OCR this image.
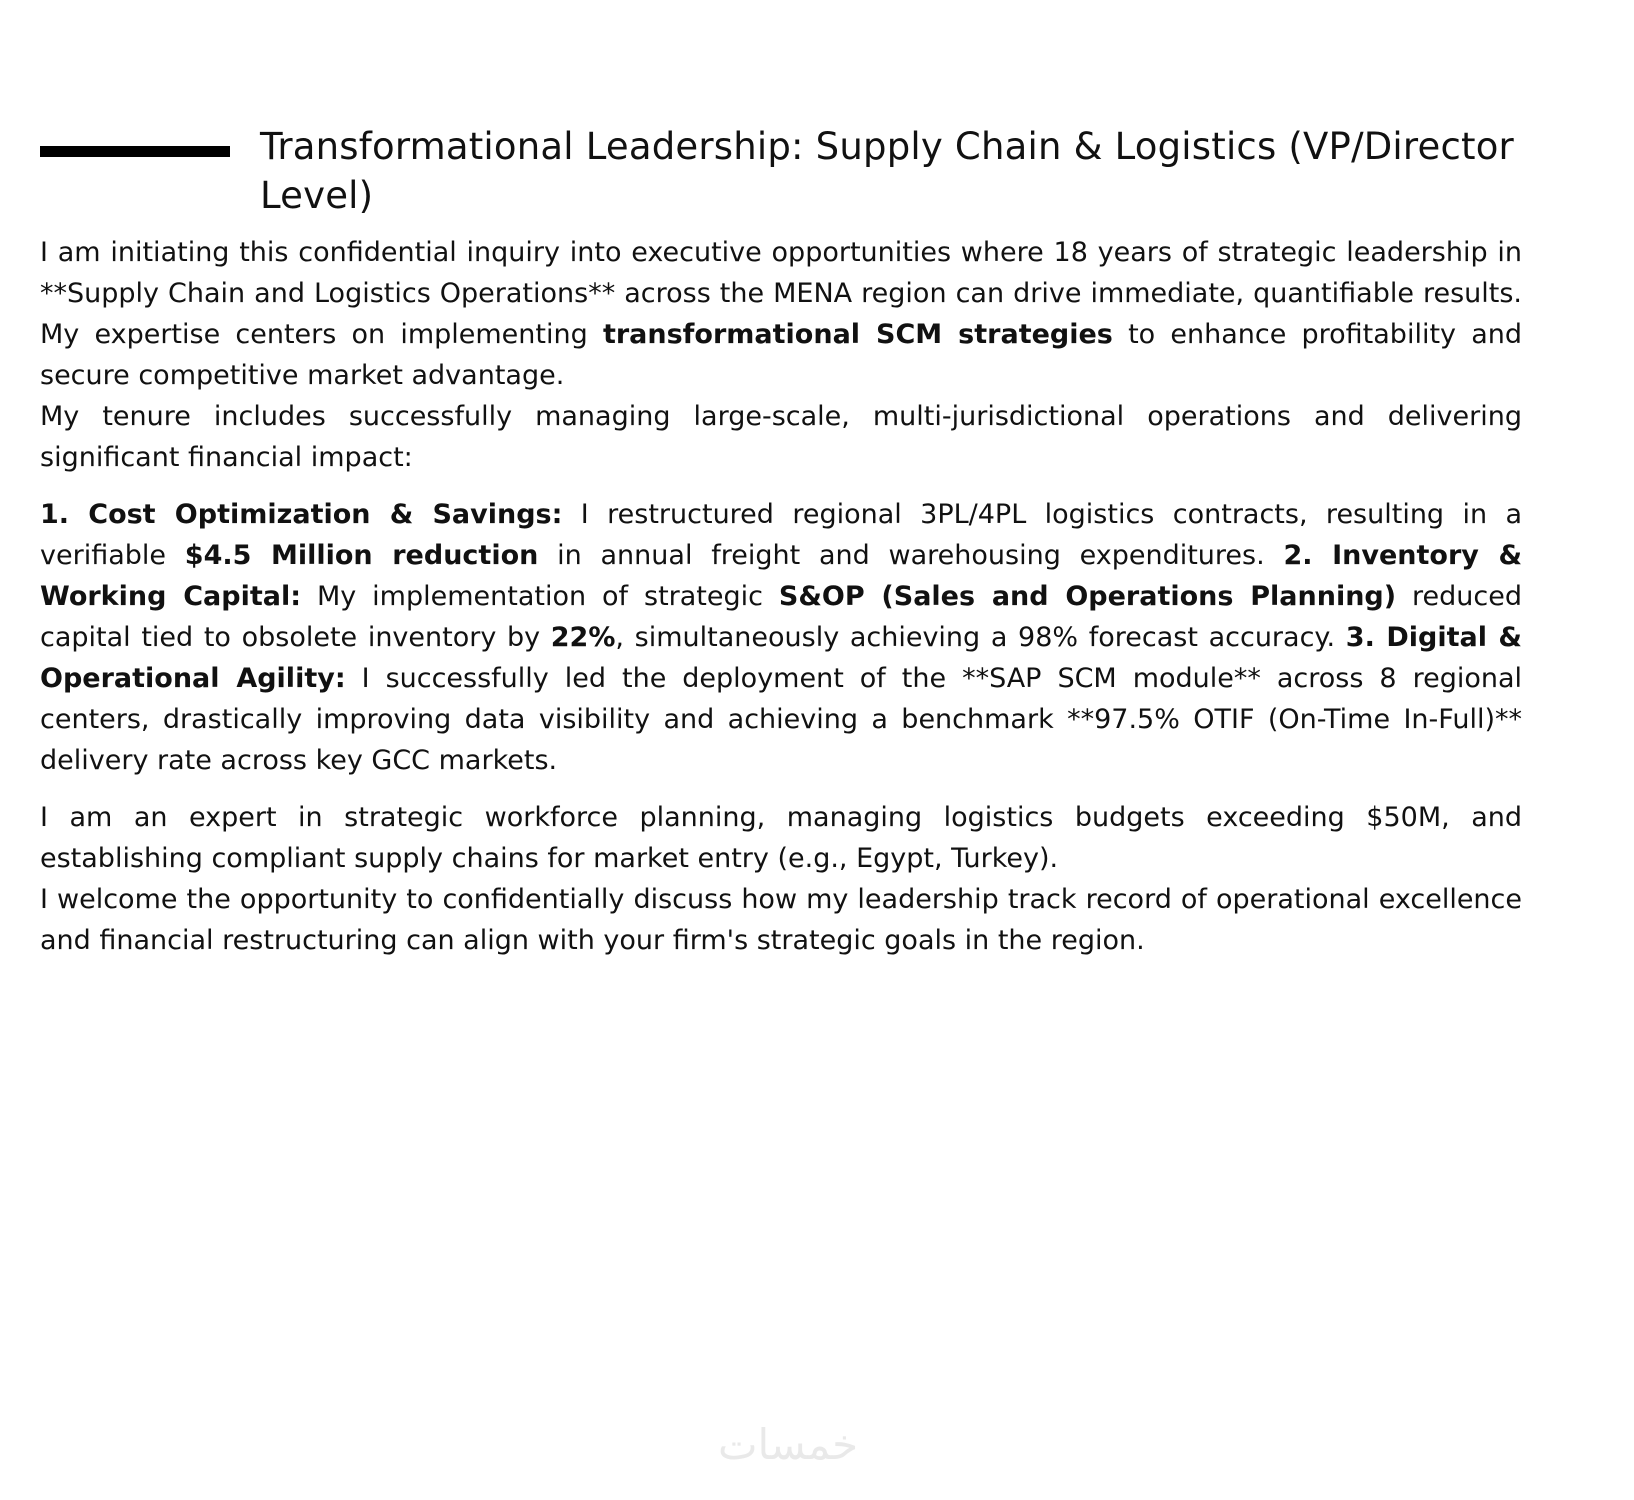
Transformational Leadership: Supply Chain & Logistics (VP/Director Level)

I am initiating this confidential inquiry into executive opportunities where 18 years of strategic leadership in **Supply Chain and Logistics Operations** across the MENA region can drive immediate, quantifiable results. My expertise centers on implementing transformational SCM strategies to enhance profitability and secure competitive market advantage.

My tenure includes successfully managing large-scale, multi-jurisdictional operations and delivering significant financial impact:

1. Cost Optimization & Savings: I restructured regional 3PL/4PL logistics contracts, resulting in a verifiable $4.5 Million reduction in annual freight and warehousing expenditures. 2. Inventory & Working Capital: My implementation of strategic S&OP (Sales and Operations Planning) reduced capital tied to obsolete inventory by 22%, simultaneously achieving a 98% forecast accuracy. 3. Digital & Operational Agility: I successfully led the deployment of the **SAP SCM module** across 8 regional centers, drastically improving data visibility and achieving a benchmark **97.5% OTIF (On-Time In-Full)** delivery rate across key GCC markets.

I am an expert in strategic workforce planning, managing logistics budgets exceeding $50M, and establishing compliant supply chains for market entry (e.g., Egypt, Turkey).

I welcome the opportunity to confidentially discuss how my leadership track record of operational excellence and financial restructuring can align with your firm's strategic goals in the region.

خمسات
